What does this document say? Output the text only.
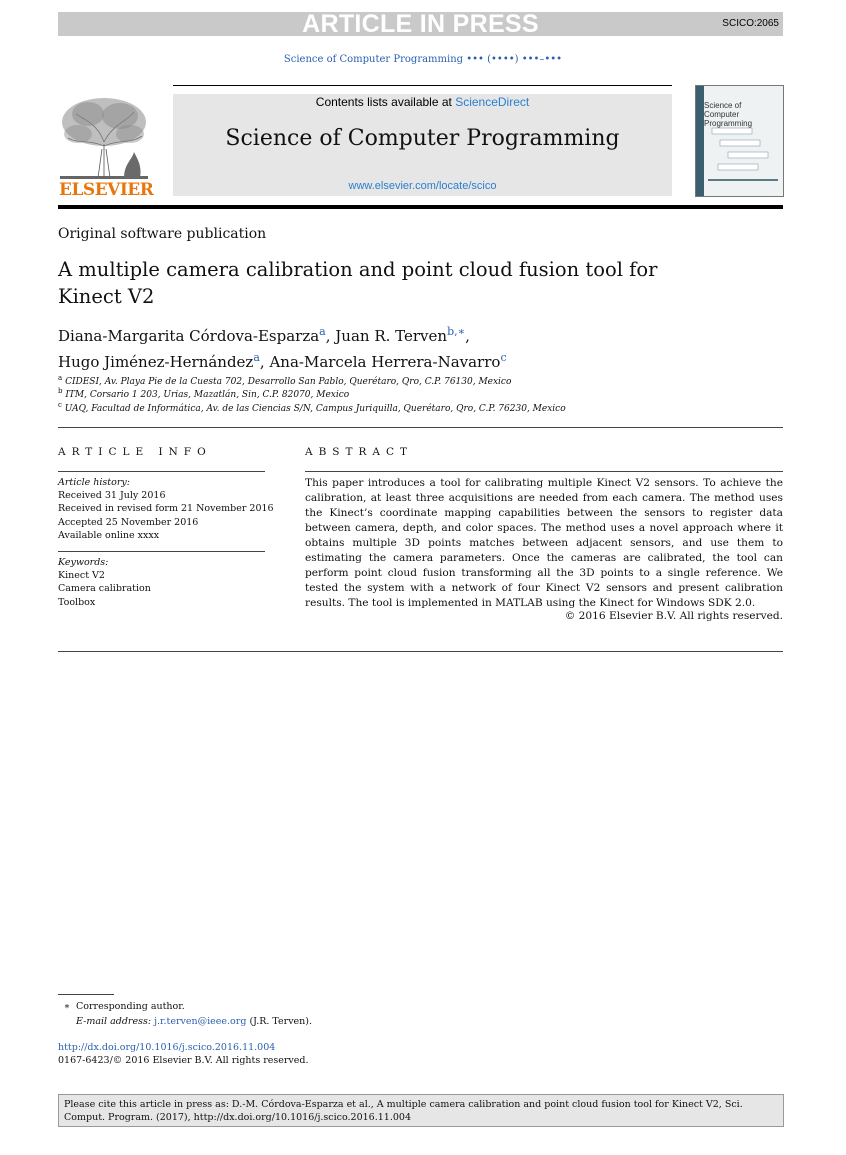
ARTICLE IN PRESS	SCICO:2065
Science of Computer Programming ••• (••••) •••–•••
ELSEVIER
Contents lists available at ScienceDirect
Science of Computer Programming
www.elsevier.com/locate/scico
Science of Computer Programming
Original software publication
A multiple camera calibration and point cloud fusion tool for Kinect V2
Diana-Margarita Córdova-Esparza$^a$, Juan R. Terven$^{b,∗}$,
Hugo Jiménez-Hernández$^a$, Ana-Marcela Herrera-Navarro$^c$
$^a$ CIDESI, Av. Playa Pie de la Cuesta 702, Desarrollo San Pablo, Querétaro, Qro, C.P. 76130, Mexico
$^b$ ITM, Corsario 1 203, Urias, Mazatlán, Sin, C.P. 82070, Mexico
$^c$ UAQ, Facultad de Informática, Av. de las Ciencias S/N, Campus Juriquilla, Querétaro, Qro, C.P. 76230, Mexico
ARTICLE INFO
Article history:
Received 31 July 2016
Received in revised form 21 November 2016
Accepted 25 November 2016
Available online xxxx
Keywords:
Kinect V2
Camera calibration
Toolbox
ABSTRACT
This paper introduces a tool for calibrating multiple Kinect V2 sensors. To achieve the calibration, at least three acquisitions are needed from each camera. The method uses the Kinect’s coordinate mapping capabilities between the sensors to register data between camera, depth, and color spaces. The method uses a novel approach where it obtains multiple 3D points matches between adjacent sensors, and use them to estimating the camera parameters. Once the cameras are calibrated, the tool can perform point cloud fusion transforming all the 3D points to a single reference. We tested the system with a network of four Kinect V2 sensors and present calibration results. The tool is implemented in MATLAB using the Kinect for Windows SDK 2.0.
© 2016 Elsevier B.V. All rights reserved.
∗ Corresponding author.
E-mail address: j.r.terven@ieee.org (J.R. Terven).
http://dx.doi.org/10.1016/j.scico.2016.11.004
0167-6423/© 2016 Elsevier B.V. All rights reserved.
Please cite this article in press as: D.-M. Córdova-Esparza et al., A multiple camera calibration and point cloud fusion tool for Kinect V2, Sci. Comput. Program. (2017), http://dx.doi.org/10.1016/j.scico.2016.11.004
